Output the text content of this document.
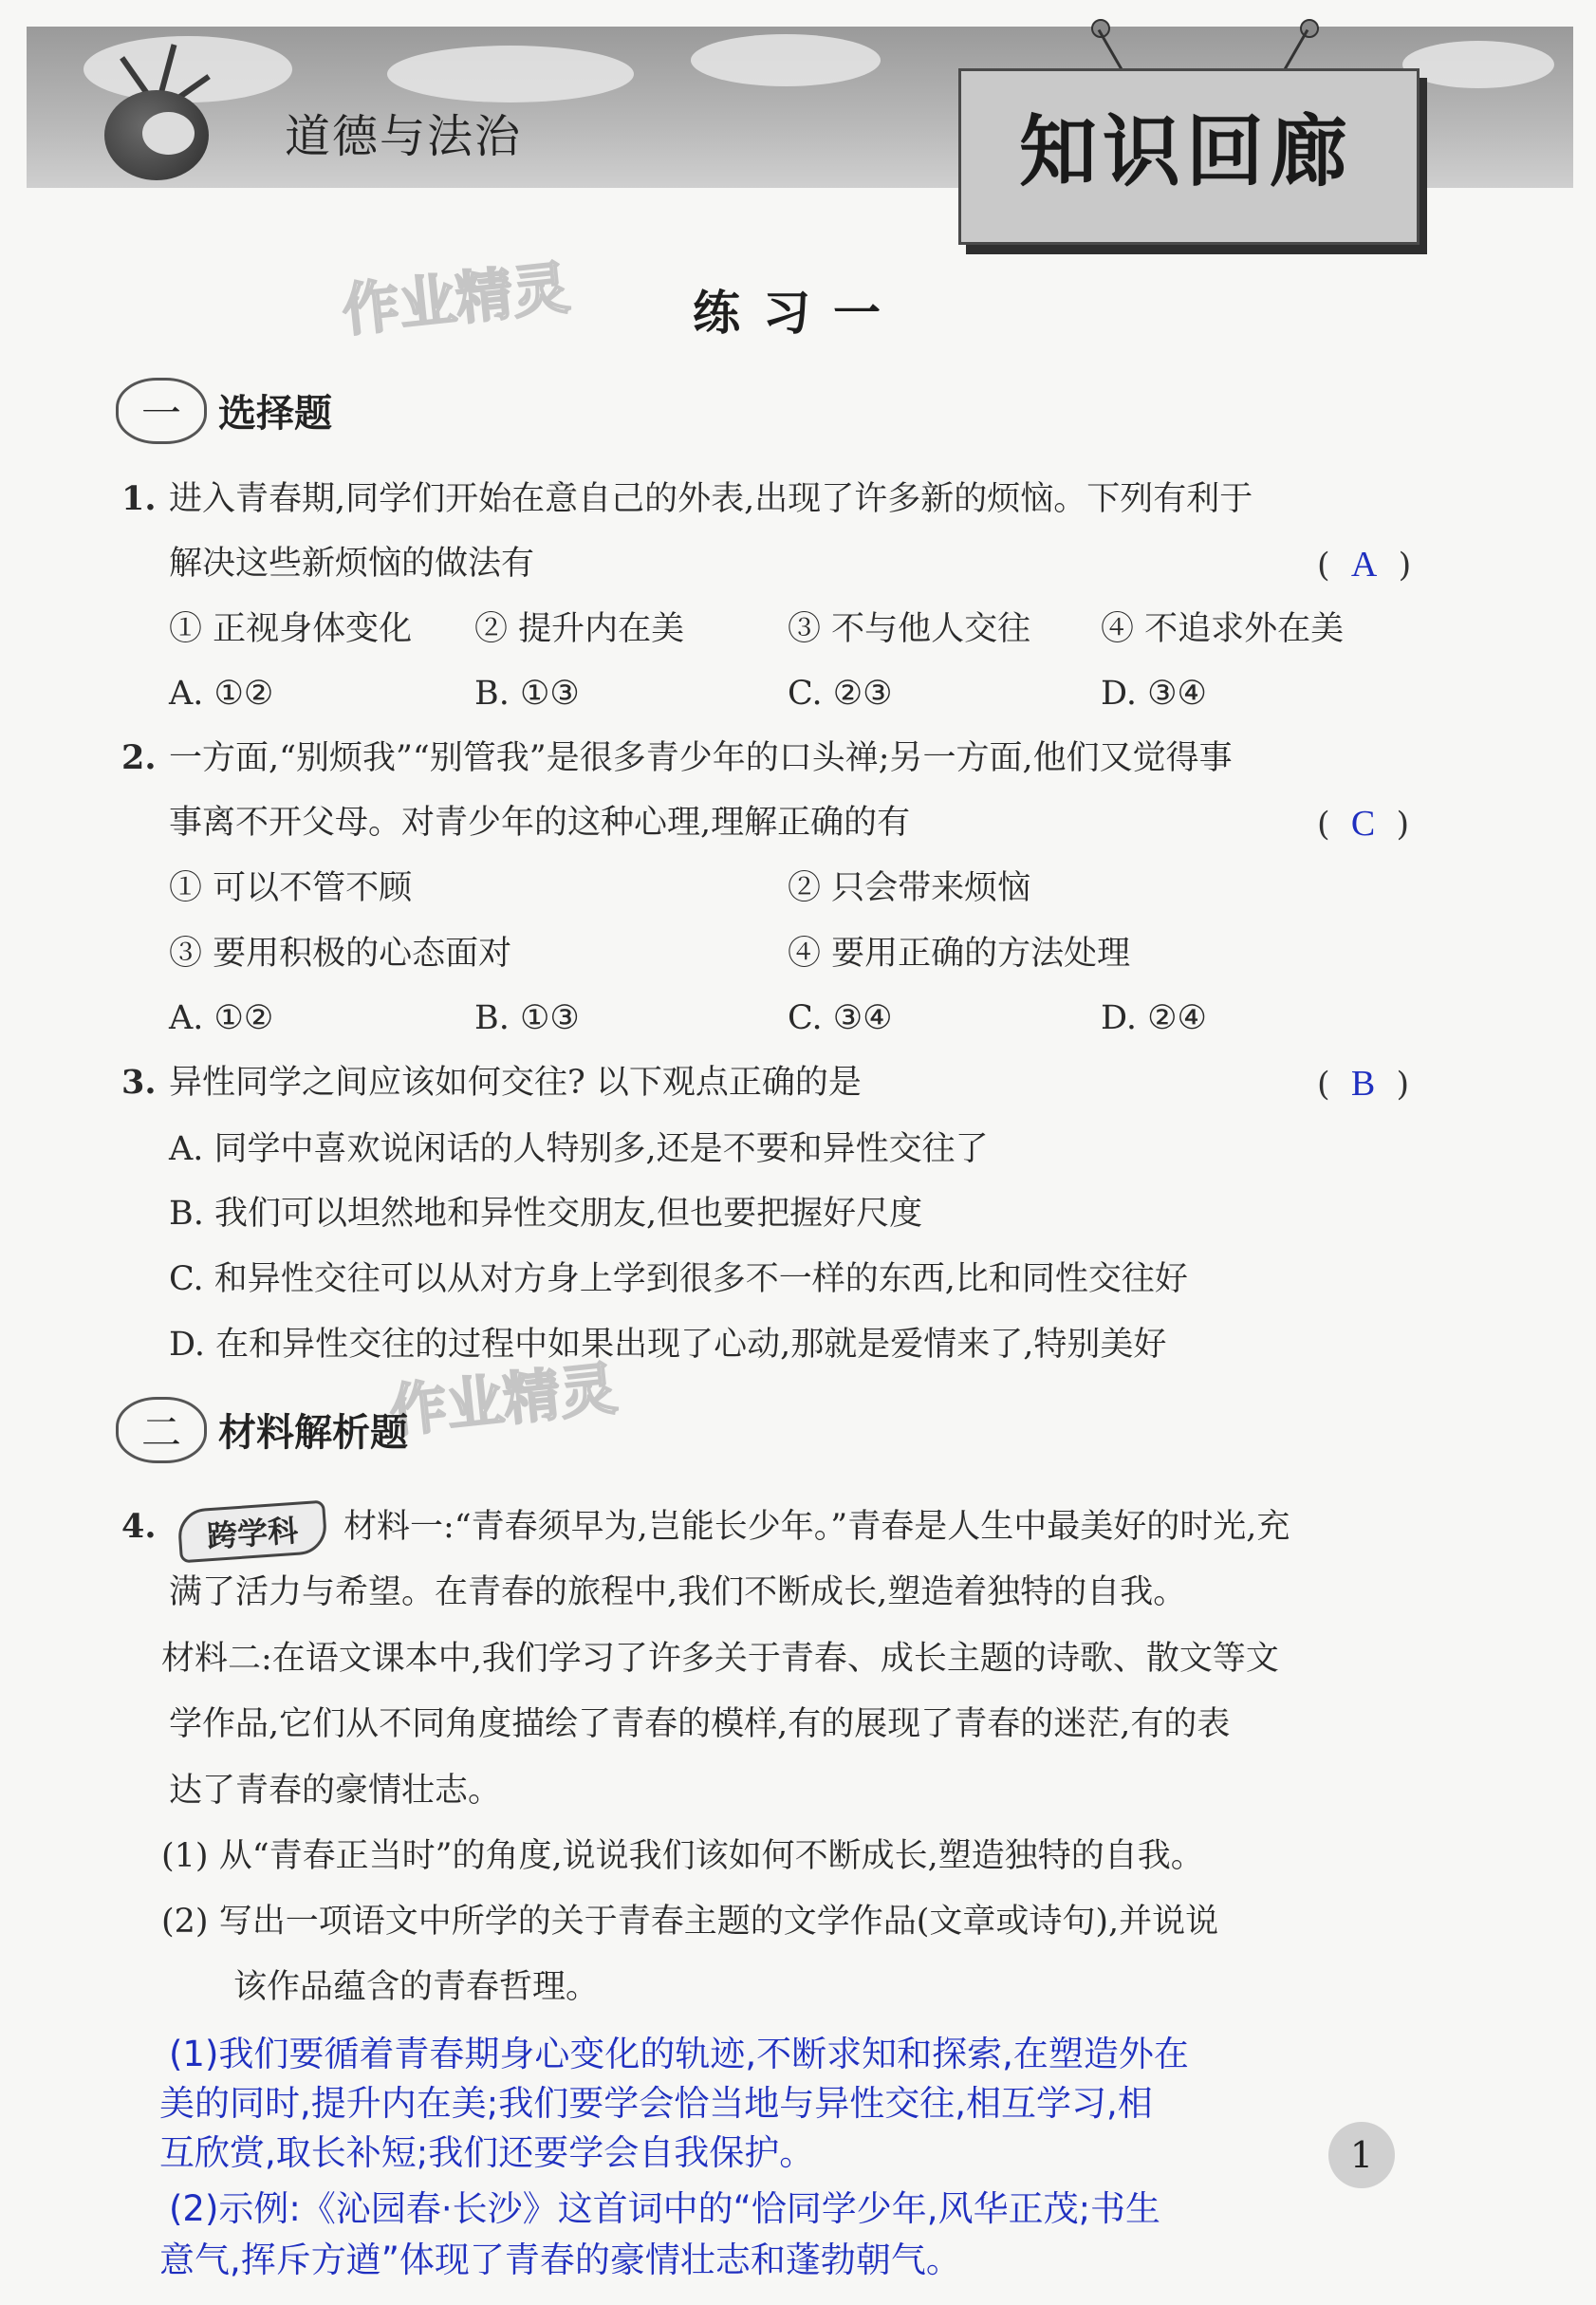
道德与法治	知识回廊
作业精灵
作业精灵
练习一
一 选择题
1. 进入青春期,同学们开始在意自己的外表,出现了许多新的烦恼。下列有利于
解决这些新烦恼的做法有	(  A  )
① 正视身体变化 ② 提升内在美	③ 不与他人交往 ④ 不追求外在美
A. ①②	B. ①③	C. ②③	D. ③④
2. 一方面,“别烦我”“别管我”是很多青少年的口头禅;另一方面,他们又觉得事
事离不开父母。对青少年的这种心理,理解正确的有	(  C  )
① 可以不管不顾	② 只会带来烦恼
③ 要用积极的心态面对	④ 要用正确的方法处理
A. ①②	B. ①③	C. ③④	D. ②④
3. 异性同学之间应该如何交往? 以下观点正确的是	(  B  )
A. 同学中喜欢说闲话的人特别多,还是不要和异性交往了
B. 我们可以坦然地和异性交朋友,但也要把握好尺度
C. 和异性交往可以从对方身上学到很多不一样的东西,比和同性交往好
D. 在和异性交往的过程中如果出现了心动,那就是爱情来了,特别美好
二 材料解析题
4.	跨学科	材料一:“青春须早为,岂能长少年。”青春是人生中最美好的时光,充
满了活力与希望。在青春的旅程中,我们不断成长,塑造着独特的自我。
材料二:在语文课本中,我们学习了许多关于青春、成长主题的诗歌、散文等文
学作品,它们从不同角度描绘了青春的模样,有的展现了青春的迷茫,有的表
达了青春的豪情壮志。
(1) 从“青春正当时”的角度,说说我们该如何不断成长,塑造独特的自我。
(2) 写出一项语文中所学的关于青春主题的文学作品(文章或诗句),并说说
该作品蕴含的青春哲理。
(1)我们要循着青春期身心变化的轨迹,不断求知和探索,在塑造外在
美的同时,提升内在美;我们要学会恰当地与异性交往,相互学习,相
互欣赏,取长补短;我们还要学会自我保护。
(2)示例:《沁园春·长沙》这首词中的“恰同学少年,风华正茂;书生
意气,挥斥方遒”体现了青春的豪情壮志和蓬勃朝气。
1
